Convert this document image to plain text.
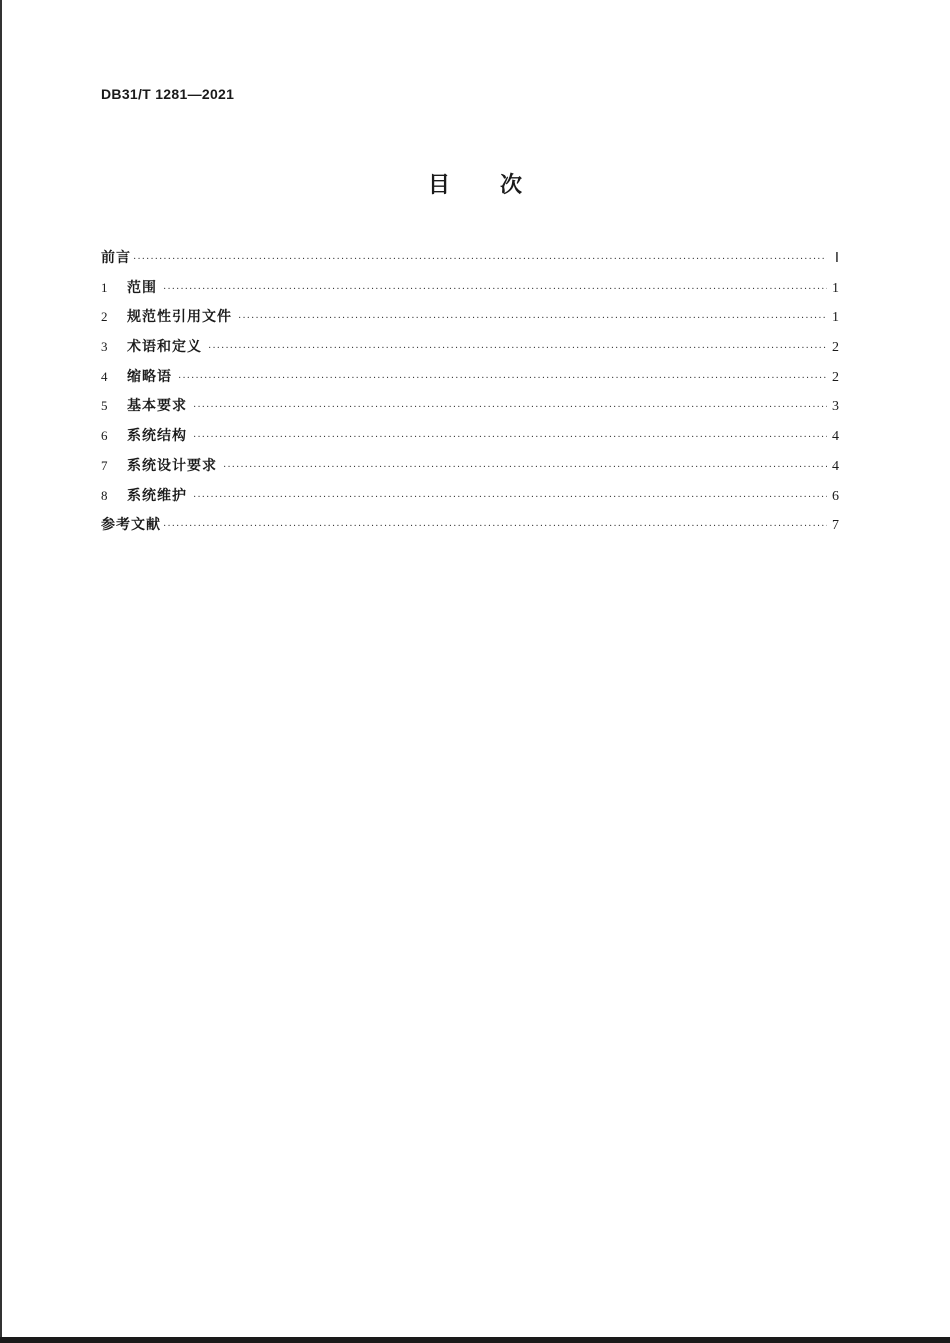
DB31/T 1281—2021
目次
前言 ·····	Ⅰ
1	范围 ·····	1
2	规范性引用文件 ·····	1
3	术语和定义 ·····	2
4	缩略语 ·····	2
5	基本要求 ·····	3
6	系统结构 ·····	4
7	系统设计要求 ·····	4
8	系统维护 ·····	6
参考文献 ·····	7
